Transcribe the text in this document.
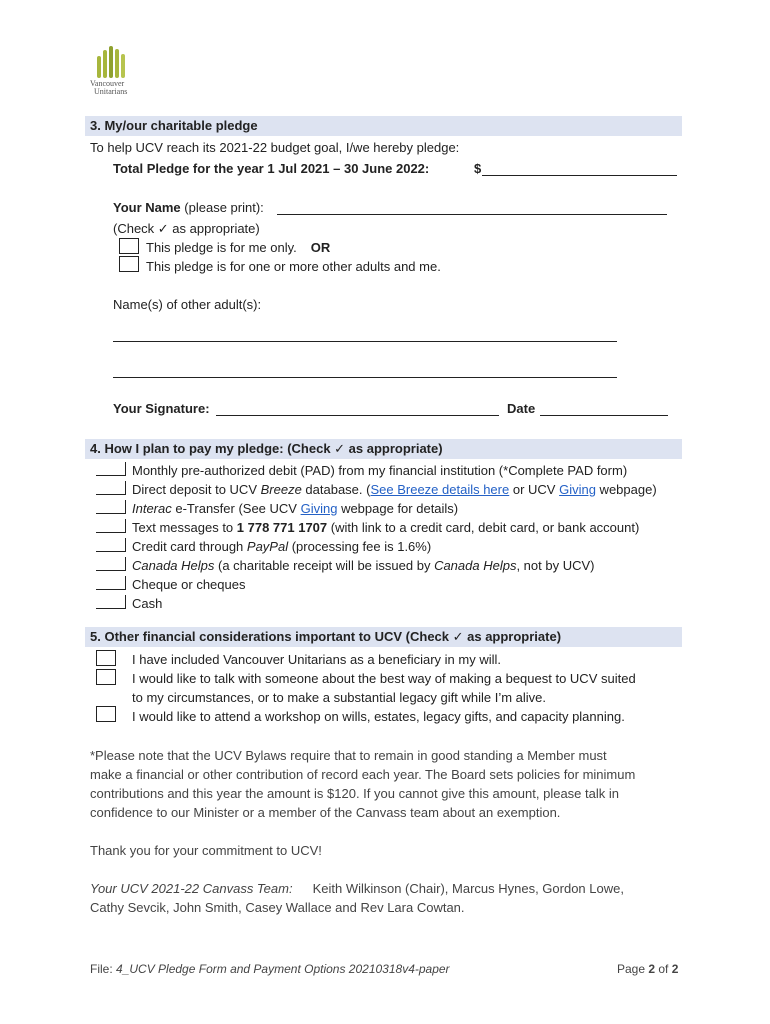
Vancouver
Unitarians
3. My/our charitable pledge
To help UCV reach its 2021-22 budget goal, I/we hereby pledge:
Total Pledge for the year 1 Jul 2021 – 30 June 2022:	$
Your Name (please print):
(Check ✓ as appropriate)
This pledge is for me only. OR
This pledge is for one or more other adults and me.
Name(s) of other adult(s):
Your Signature:	Date
4. How I plan to pay my pledge: (Check ✓ as appropriate)
Monthly pre-authorized debit (PAD) from my financial institution (*Complete PAD form)
Direct deposit to UCV Breeze database. (See Breeze details here or UCV Giving webpage)
Interac e-Transfer (See UCV Giving webpage for details)
Text messages to 1 778 771 1707 (with link to a credit card, debit card, or bank account)
Credit card through PayPal (processing fee is 1.6%)
Canada Helps (a charitable receipt will be issued by Canada Helps, not by UCV)
Cheque or cheques
Cash
5. Other financial considerations important to UCV (Check ✓ as appropriate)
I have included Vancouver Unitarians as a beneficiary in my will.
I would like to talk with someone about the best way of making a bequest to UCV suited
to my circumstances, or to make a substantial legacy gift while I’m alive.
I would like to attend a workshop on wills, estates, legacy gifts, and capacity planning.
*Please note that the UCV Bylaws require that to remain in good standing a Member must
make a financial or other contribution of record each year. The Board sets policies for minimum
contributions and this year the amount is $120. If you cannot give this amount, please talk in
confidence to our Minister or a member of the Canvass team about an exemption.
Thank you for your commitment to UCV!
Your UCV 2021-22 Canvass Team: Keith Wilkinson (Chair), Marcus Hynes, Gordon Lowe,
Cathy Sevcik, John Smith, Casey Wallace and Rev Lara Cowtan.
File: 4_UCV Pledge Form and Payment Options 20210318v4-paper	Page 2 of 2
